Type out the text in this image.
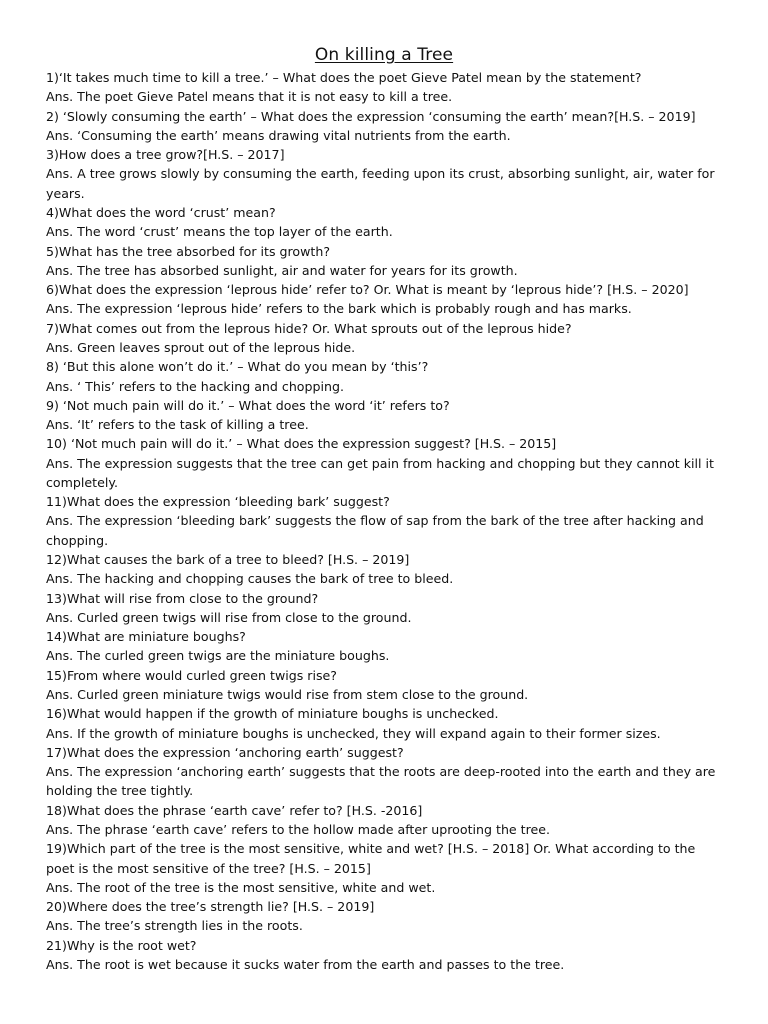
On killing a Tree

1)‘It takes much time to kill a tree.’ – What does the poet Gieve Patel mean by the statement?

Ans. The poet Gieve Patel means that it is not easy to kill a tree.

2) ‘Slowly consuming the earth’ – What does the expression ‘consuming the earth’ mean?[H.S. – 2019]

Ans. ‘Consuming the earth’ means drawing vital nutrients from the earth.

3)How does a tree grow?[H.S. – 2017]

Ans. A tree grows slowly by consuming the earth, feeding upon its crust, absorbing sunlight, air, water for years.

4)What does the word ‘crust’ mean?

Ans. The word ‘crust’ means the top layer of the earth.

5)What has the tree absorbed for its growth?

Ans. The tree has absorbed sunlight, air and water for years for its growth.

6)What does the expression ‘leprous hide’ refer to? Or. What is meant by ‘leprous hide’? [H.S. – 2020]

Ans. The expression ‘leprous hide’ refers to the bark which is probably rough and has marks.

7)What comes out from the leprous hide? Or. What sprouts out of the leprous hide?

Ans. Green leaves sprout out of the leprous hide.

8) ‘But this alone won’t do it.’ – What do you mean by ‘this’?

Ans. ‘ This’ refers to the hacking and chopping.

9) ‘Not much pain will do it.’ – What does the word ‘it’ refers to?

Ans. ‘It’ refers to the task of killing a tree.

10) ‘Not much pain will do it.’ – What does the expression suggest? [H.S. – 2015]

Ans. The expression suggests that the tree can get pain from hacking and chopping but they cannot kill it completely.

11)What does the expression ‘bleeding bark’ suggest?

Ans. The expression ‘bleeding bark’ suggests the flow of sap from the bark of the tree after hacking and chopping.

12)What causes the bark of a tree to bleed? [H.S. – 2019]

Ans. The hacking and chopping causes the bark of tree to bleed.

13)What will rise from close to the ground?

Ans. Curled green twigs will rise from close to the ground.

14)What are miniature boughs?

Ans. The curled green twigs are the miniature boughs.

15)From where would curled green twigs rise?

Ans. Curled green miniature twigs would rise from stem close to the ground.

16)What would happen if the growth of miniature boughs is unchecked.

Ans. If the growth of miniature boughs is unchecked, they will expand again to their former sizes.

17)What does the expression ‘anchoring earth’ suggest?

Ans. The expression ‘anchoring earth’ suggests that the roots are deep-rooted into the earth and they are holding the tree tightly.

18)What does the phrase ‘earth cave’ refer to? [H.S. -2016]

Ans. The phrase ‘earth cave’ refers to the hollow made after uprooting the tree.

19)Which part of the tree is the most sensitive, white and wet? [H.S. – 2018] Or. What according to the poet is the most sensitive of the tree? [H.S. – 2015]

Ans. The root of the tree is the most sensitive, white and wet.

20)Where does the tree’s strength lie? [H.S. – 2019]

Ans. The tree’s strength lies in the roots.

21)Why is the root wet?

Ans. The root is wet because it sucks water from the earth and passes to the tree.
